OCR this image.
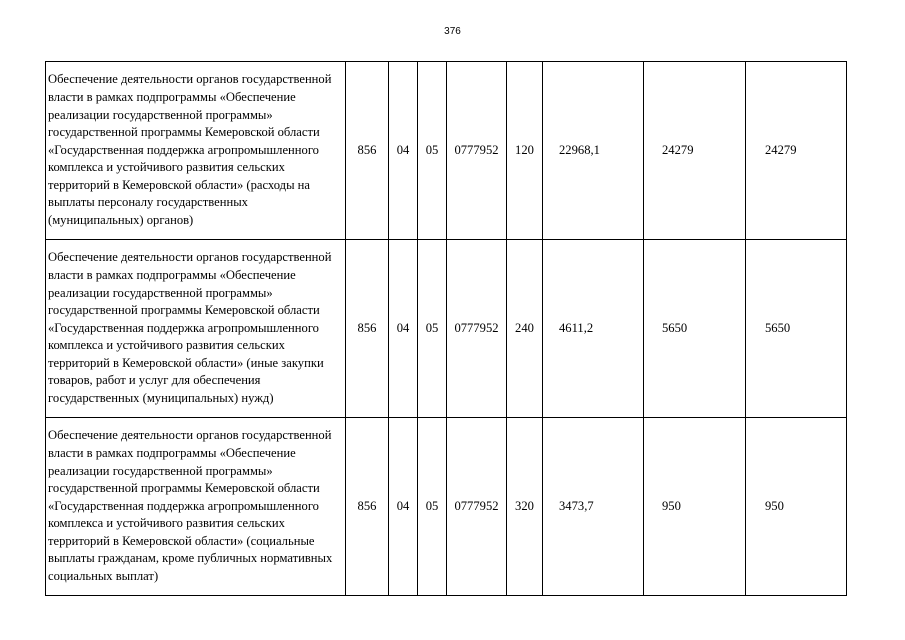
376
Обеспечение деятельности органов государственной власти в рамках подпрограммы «Обеспечение реализации государственной программы» государственной программы Кемеровской области «Государственная поддержка агропромышленного комплекса и устойчивого развития сельских территорий в Кемеровской области» (расходы на выплаты персоналу государственных (муниципальных) органов)	856	04	05	0777952	120	22968,1	24279	24279
Обеспечение деятельности органов государственной власти в рамках подпрограммы «Обеспечение реализации государственной программы» государственной программы Кемеровской области «Государственная поддержка агропромышленного комплекса и устойчивого развития сельских территорий в Кемеровской области» (иные закупки товаров, работ и услуг для обеспечения государственных (муниципальных) нужд)	856	04	05	0777952	240	4611,2	5650	5650
Обеспечение деятельности органов государственной власти в рамках подпрограммы «Обеспечение реализации государственной программы» государственной программы Кемеровской области «Государственная поддержка агропромышленного комплекса и устойчивого развития сельских территорий в Кемеровской области» (социальные выплаты гражданам, кроме публичных нормативных социальных выплат)	856	04	05	0777952	320	3473,7	950	950
